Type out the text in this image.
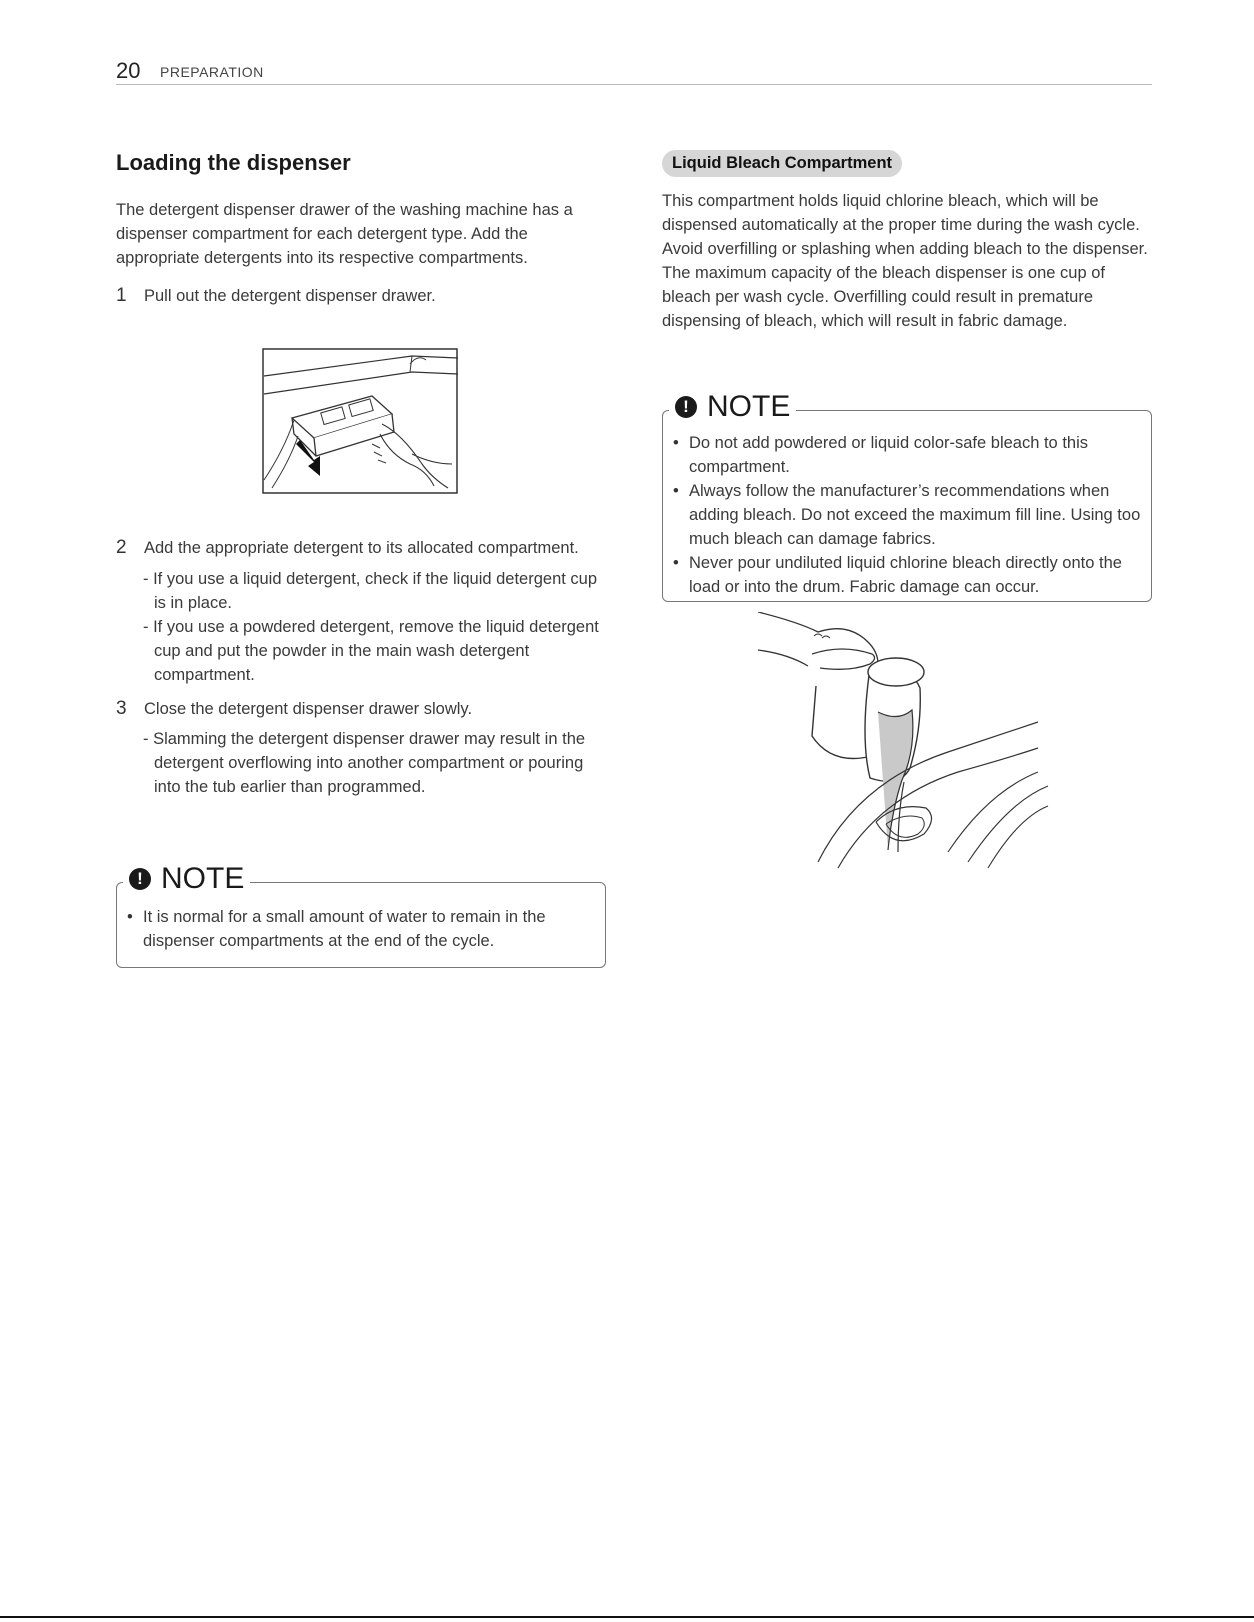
20 PREPARATION
Loading the dispenser
The detergent dispenser drawer of the washing machine has a dispenser compartment for each detergent type. Add the appropriate detergents into its respective compartments.
1 Pull out the detergent dispenser drawer.
2 Add the appropriate detergent to its allocated compartment.
- If you use a liquid detergent, check if the liquid detergent cup is in place.
- If you use a powdered detergent, remove the liquid detergent cup and put the powder in the main wash detergent compartment.
3 Close the detergent dispenser drawer slowly.
- Slamming the detergent dispenser drawer may result in the detergent overflowing into another compartment or pouring into the tub earlier than programmed.
! NOTE
• It is normal for a small amount of water to remain in the dispenser compartments at the end of the cycle.
Liquid Bleach Compartment
This compartment holds liquid chlorine bleach, which will be dispensed automatically at the proper time during the wash cycle. Avoid overfilling or splashing when adding bleach to the dispenser. The maximum capacity of the bleach dispenser is one cup of bleach per wash cycle. Overfilling could result in premature dispensing of bleach, which will result in fabric damage.
! NOTE
• Do not add powdered or liquid color-safe bleach to this compartment.
• Always follow the manufacturer’s recommendations when adding bleach. Do not exceed the maximum fill line. Using too much bleach can damage fabrics.
• Never pour undiluted liquid chlorine bleach directly onto the load or into the drum. Fabric damage can occur.
